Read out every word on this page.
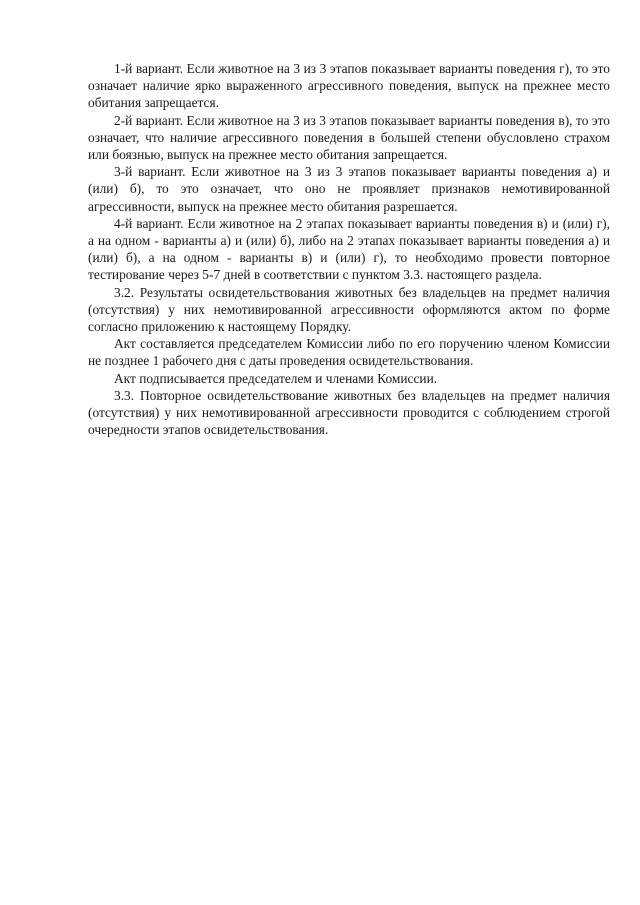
1-й вариант. Если животное на 3 из 3 этапов показывает варианты поведения г), то это означает наличие ярко выраженного агрессивного поведения, выпуск на прежнее место обитания запрещается.

2-й вариант. Если животное на 3 из 3 этапов показывает варианты поведения в), то это означает, что наличие агрессивного поведения в большей степени обусловлено страхом или боязнью, выпуск на прежнее место обитания запрещается.

3-й вариант. Если животное на 3 из 3 этапов показывает варианты поведения а) и (или) б), то это означает, что оно не проявляет признаков немотивированной агрессивности, выпуск на прежнее место обитания разрешается.

4-й вариант. Если животное на 2 этапах показывает варианты поведения в) и (или) г), а на одном - варианты а) и (или) б), либо на 2 этапах показывает варианты поведения а) и (или) б), а на одном - варианты в) и (или) г), то необходимо провести повторное тестирование через 5-7 дней в соответствии с пунктом 3.3. настоящего раздела.

3.2. Результаты освидетельствования животных без владельцев на предмет наличия (отсутствия) у них немотивированной агрессивности оформляются актом по форме согласно приложению к настоящему Порядку.

Акт составляется председателем Комиссии либо по его поручению членом Комиссии не позднее 1 рабочего дня с даты проведения освидетельствования.

Акт подписывается председателем и членами Комиссии.

3.3. Повторное освидетельствование животных без владельцев на предмет наличия (отсутствия) у них немотивированной агрессивности проводится с соблюдением строгой очередности этапов освидетельствования.
